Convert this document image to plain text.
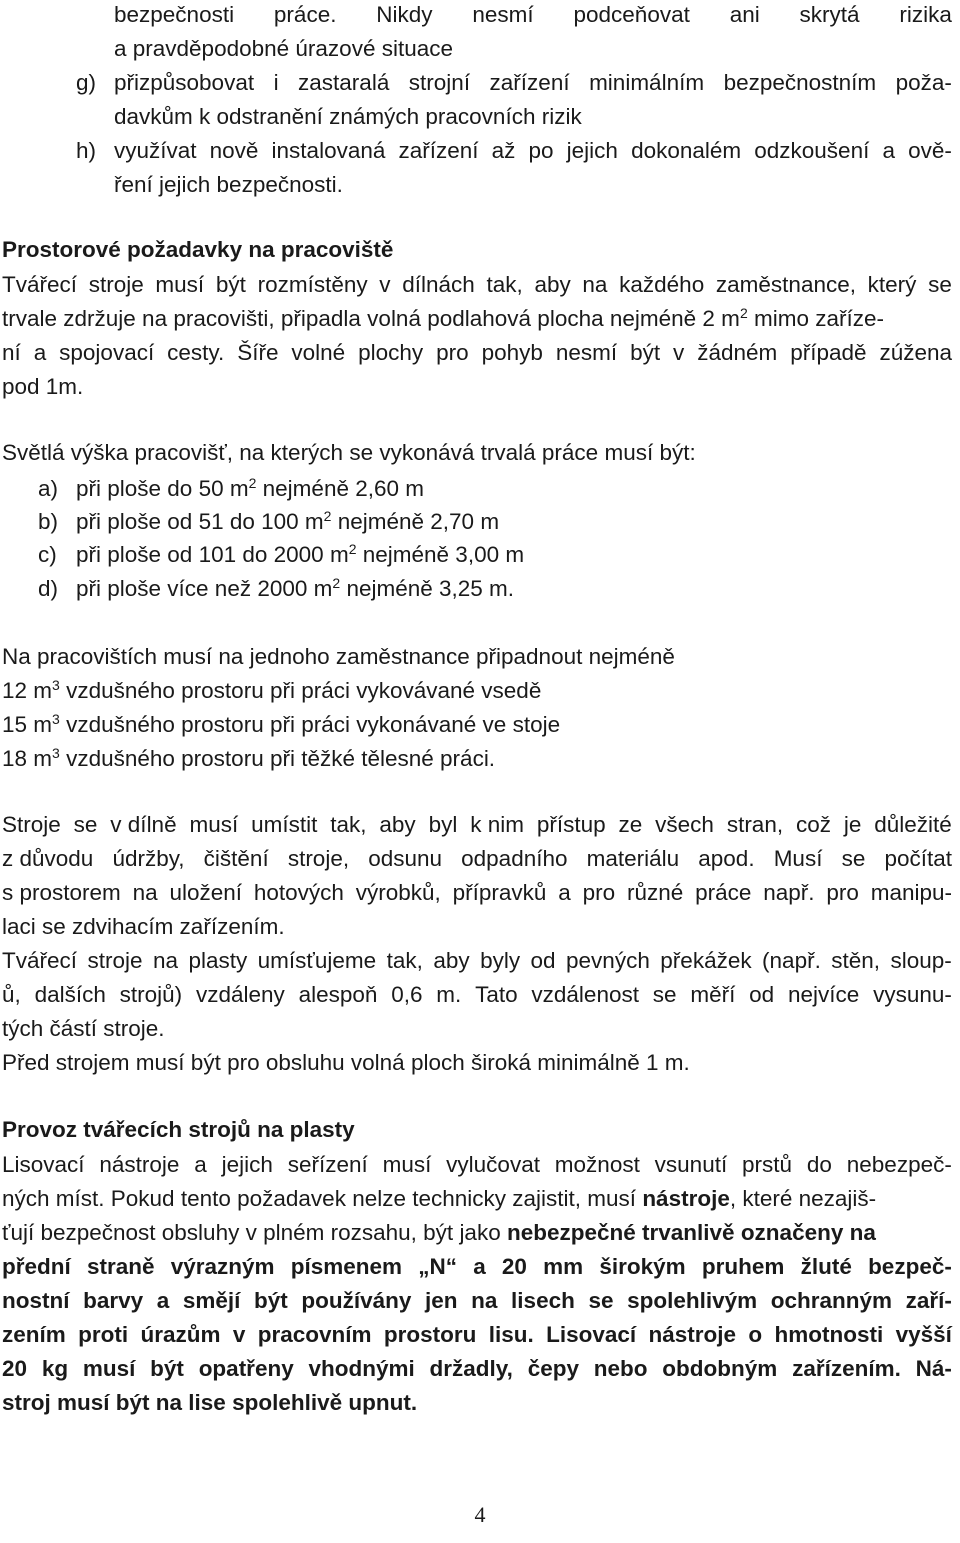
bezpečnosti práce. Nikdy nesmí podceňovat ani skrytá rizika
a pravděpodobné úrazové situace
g) přizpůsobovat i zastaralá strojní zařízení minimálním bezpečnostním poža-
davkům k odstranění známých pracovních rizik
h) využívat nově instalovaná zařízení až po jejich dokonalém odzkoušení a ově-
ření jejich bezpečnosti.
Prostorové požadavky na pracoviště
Tvářecí stroje musí být rozmístěny v dílnách tak, aby na každého zaměstnance, který se
trvale zdržuje na pracovišti, připadla volná podlahová plocha nejméně 2 $m^2$ mimo zaříze-
ní a spojovací cesty. Šíře volné plochy pro pohyb nesmí být v žádném případě zúžena
pod 1m.
Světlá výška pracovišť, na kterých se vykonává trvalá práce musí být:
a) při ploše do 50 $m^2$ nejméně 2,60 m
b) při ploše od 51 do 100 $m^2$ nejméně 2,70 m
c) při ploše od 101 do 2000 $m^2$ nejméně 3,00 m
d) při ploše více než 2000 $m^2$ nejméně 3,25 m.
Na pracovištích musí na jednoho zaměstnance připadnout nejméně
12 $m^3$ vzdušného prostoru při práci vykovávané vsedě
15 $m^3$ vzdušného prostoru při práci vykonávané ve stoje
18 $m^3$ vzdušného prostoru při těžké tělesné práci.
Stroje se v dílně musí umístit tak, aby byl k nim přístup ze všech stran, což je důležité
z důvodu údržby, čištění stroje, odsunu odpadního materiálu apod. Musí se počítat
s prostorem na uložení hotových výrobků, přípravků a pro různé práce např. pro manipu-
laci se zdvihacím zařízením.
Tvářecí stroje na plasty umísťujeme tak, aby byly od pevných překážek (např. stěn, sloup-
ů, dalších strojů) vzdáleny alespoň 0,6 m. Tato vzdálenost se měří od nejvíce vysunu-
tých částí stroje.
Před strojem musí být pro obsluhu volná ploch široká minimálně 1 m.
Provoz tvářecích strojů na plasty
Lisovací nástroje a jejich seřízení musí vylučovat možnost vsunutí prstů do nebezpeč-
ných míst. Pokud tento požadavek nelze technicky zajistit, musí nástroje, které nezajiš-
ťují bezpečnost obsluhy v plném rozsahu, být jako nebezpečné trvanlivě označeny na
přední straně výrazným písmenem „N“ a 20 mm širokým pruhem žluté bezpeč-
nostní barvy a smějí být používány jen na lisech se spolehlivým ochranným zaří-
zením proti úrazům v pracovním prostoru lisu. Lisovací nástroje o hmotnosti vyšší
20 kg musí být opatřeny vhodnými držadly, čepy nebo obdobným zařízením. Ná-
stroj musí být na lise spolehlivě upnut.
4
